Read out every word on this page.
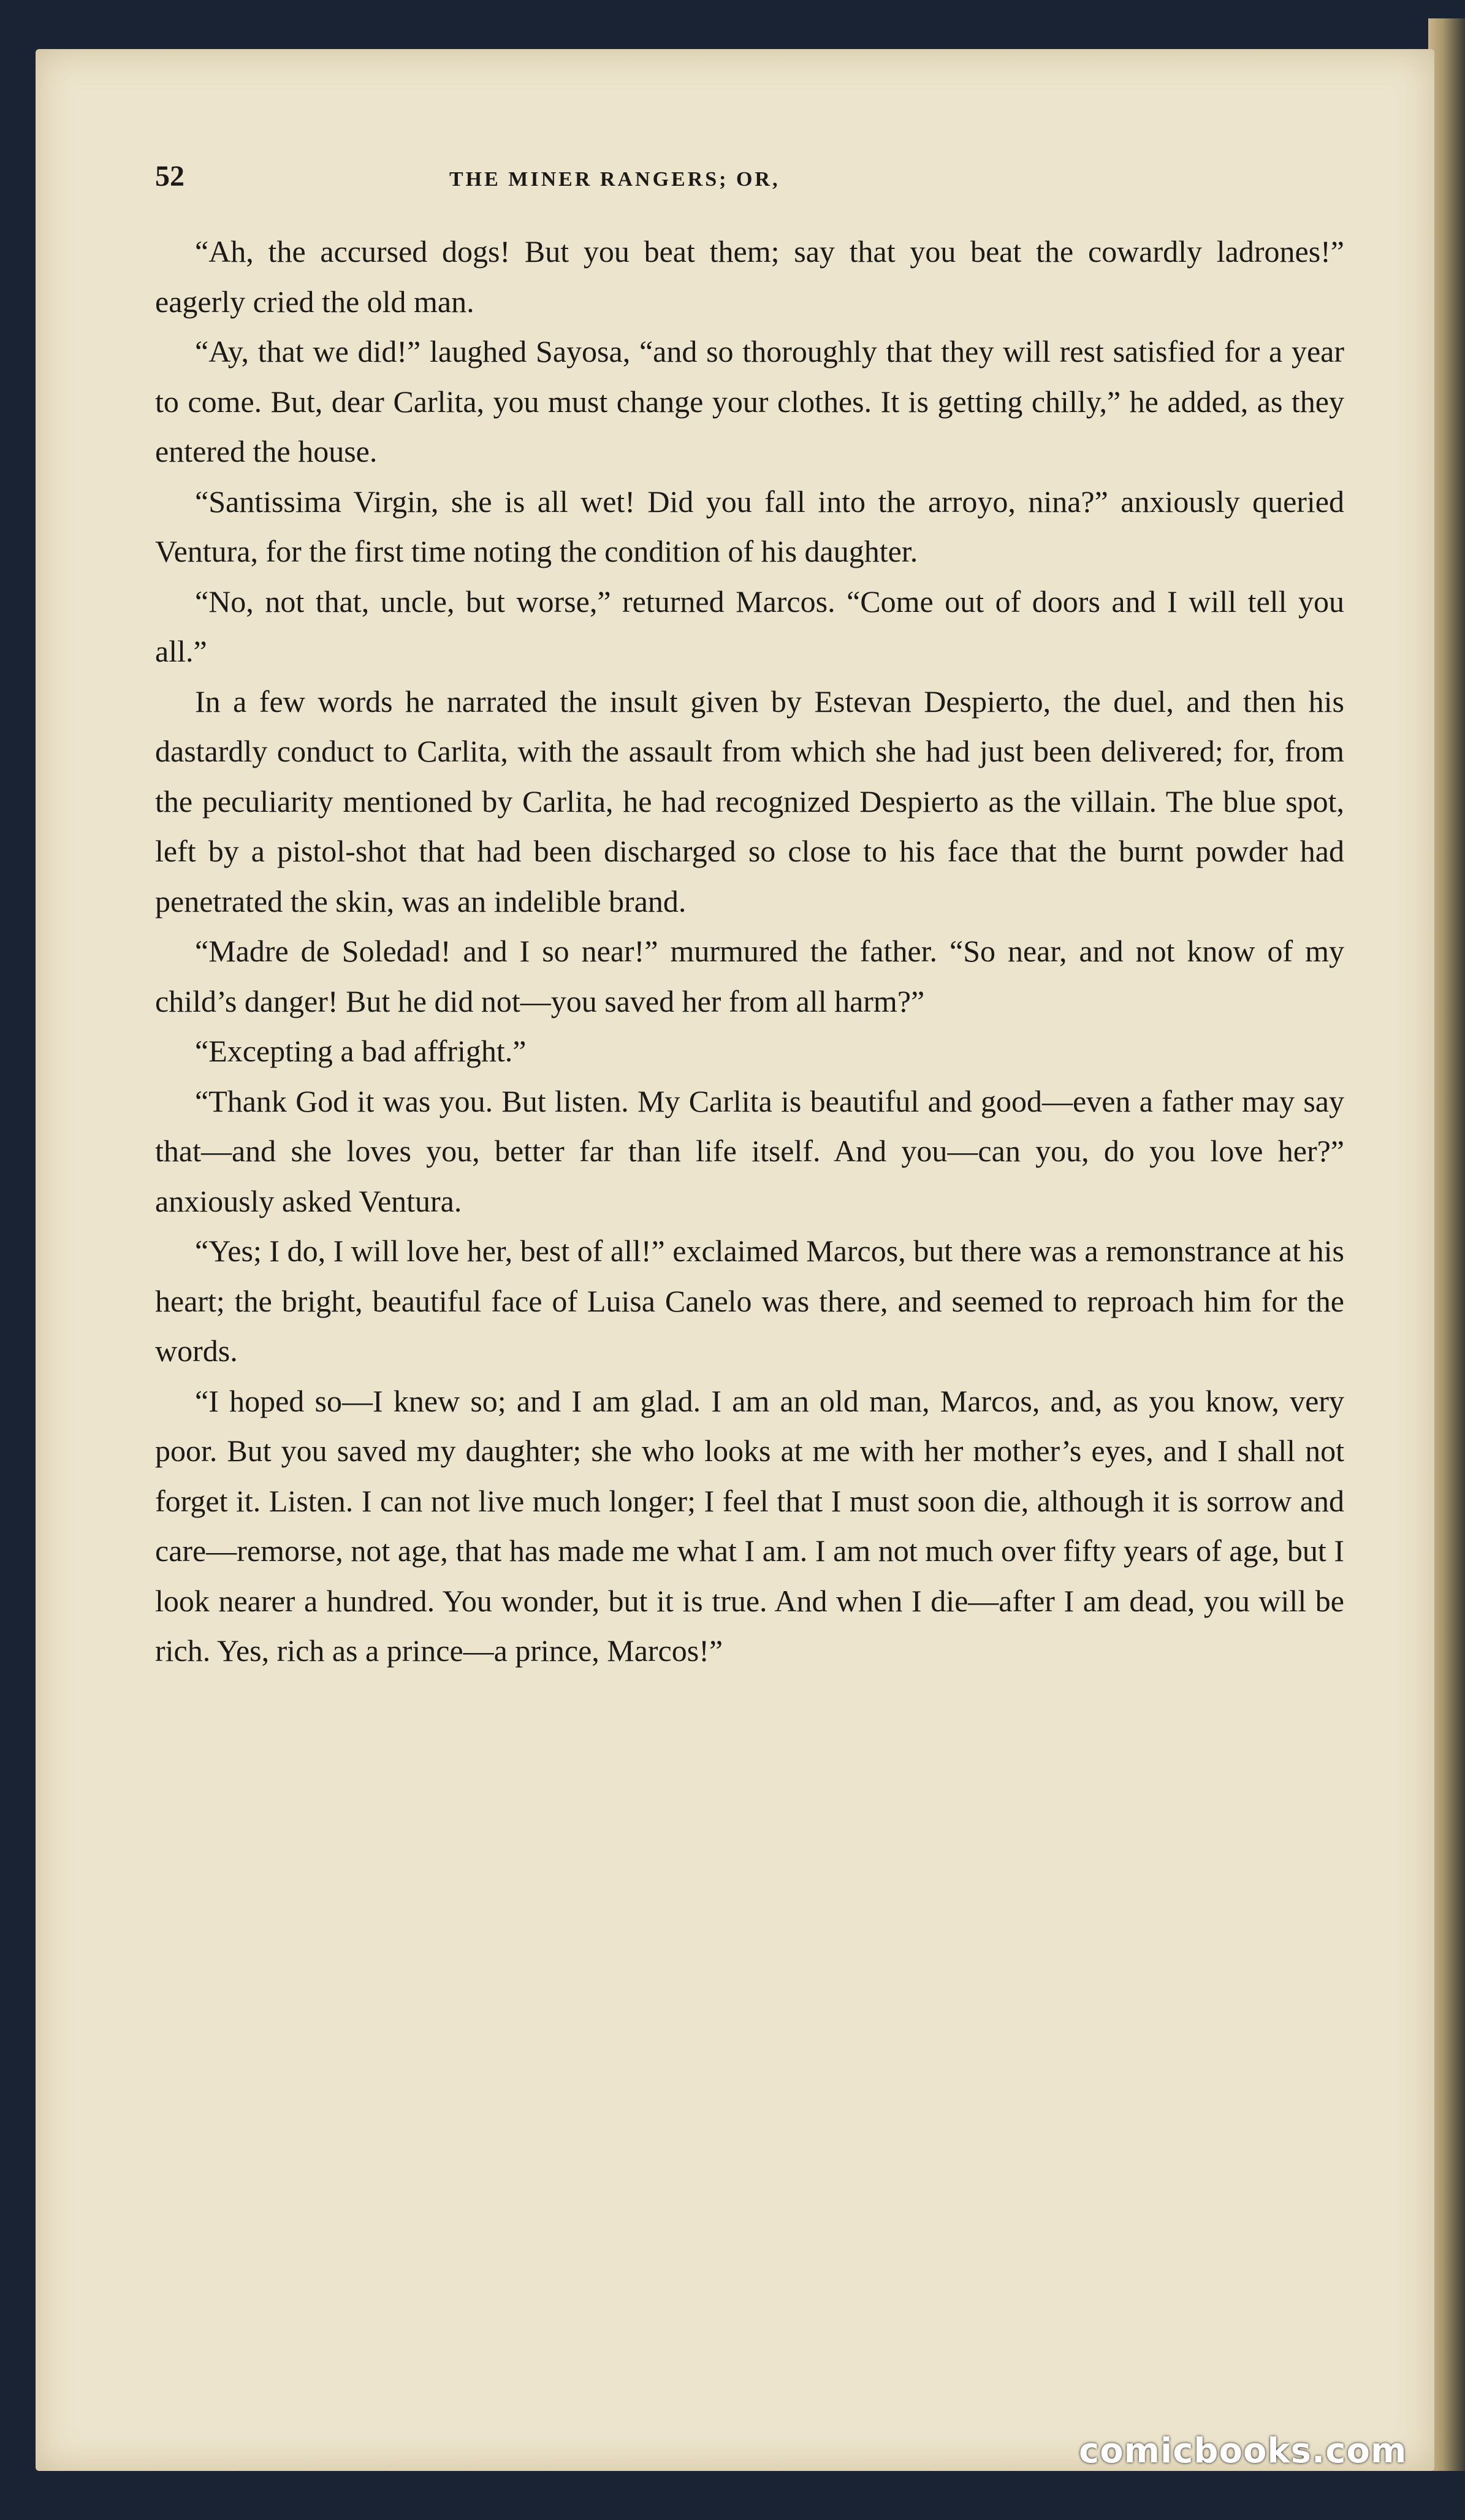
52	THE MINER RANGERS; OR,

“Ah, the accursed dogs! But you beat them; say that you beat the cowardly ladrones!” eagerly cried the old man.

“Ay, that we did!” laughed Sayosa, “and so thoroughly that they will rest satisfied for a year to come. But, dear Carlita, you must change your clothes. It is getting chilly,” he added, as they entered the house.

“Santissima Virgin, she is all wet! Did you fall into the arroyo, nina?” anxiously queried Ventura, for the first time noting the condition of his daughter.

“No, not that, uncle, but worse,” returned Marcos. “Come out of doors and I will tell you all.”

In a few words he narrated the insult given by Estevan Despierto, the duel, and then his dastardly conduct to Carlita, with the assault from which she had just been delivered; for, from the peculiarity mentioned by Carlita, he had recognized Despierto as the villain. The blue spot, left by a pistol-shot that had been discharged so close to his face that the burnt powder had penetrated the skin, was an indelible brand.

“Madre de Soledad! and I so near!” murmured the father. “So near, and not know of my child’s danger! But he did not—you saved her from all harm?”

“Excepting a bad affright.”

“Thank God it was you. But listen. My Carlita is beautiful and good—even a father may say that—and she loves you, better far than life itself. And you—can you, do you love her?” anxiously asked Ventura.

“Yes; I do, I will love her, best of all!” exclaimed Marcos, but there was a remonstrance at his heart; the bright, beautiful face of Luisa Canelo was there, and seemed to reproach him for the words.

“I hoped so—I knew so; and I am glad. I am an old man, Marcos, and, as you know, very poor. But you saved my daughter; she who looks at me with her mother’s eyes, and I shall not forget it. Listen. I can not live much longer; I feel that I must soon die, although it is sorrow and care—remorse, not age, that has made me what I am. I am not much over fifty years of age, but I look nearer a hundred. You wonder, but it is true. And when I die—after I am dead, you will be rich. Yes, rich as a prince—a prince, Marcos!”

comicbooks.com
